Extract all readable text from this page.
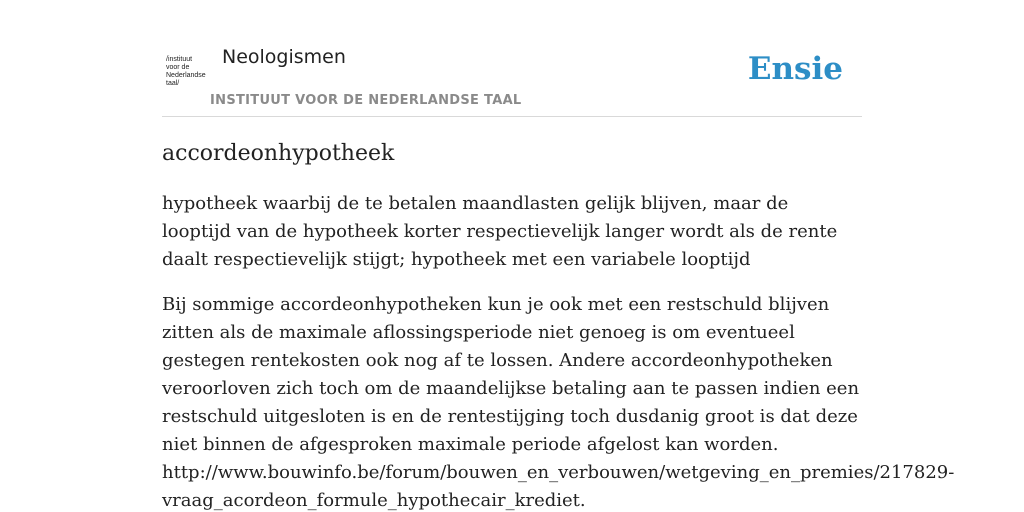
/instituut
voor de
Nederlandse
taal/
Neologismen
INSTITUUT VOOR DE NEDERLANDSE TAAL
Ensie
accordeonhypotheek

hypotheek waarbij de te betalen maandlasten gelijk blijven, maar de looptijd van de hypotheek korter respectievelijk langer wordt als de rente daalt respectievelijk stijgt; hypotheek met een variabele looptijd

Bij sommige accordeonhypotheken kun je ook met een restschuld blijven zitten als de maximale aflossingsperiode niet genoeg is om eventueel gestegen rentekosten ook nog af te lossen. Andere accordeonhypotheken veroorloven zich toch om de maandelijkse betaling aan te passen indien een restschuld uitgesloten is en de rentestijging toch dusdanig groot is dat deze niet binnen de afgesproken maximale periode afgelost kan worden.
http://www.bouwinfo.be/forum/bouwen_en_verbouwen/wetgeving_en_premies/217829-
vraag_acordeon_formule_hypothecair_krediet.
